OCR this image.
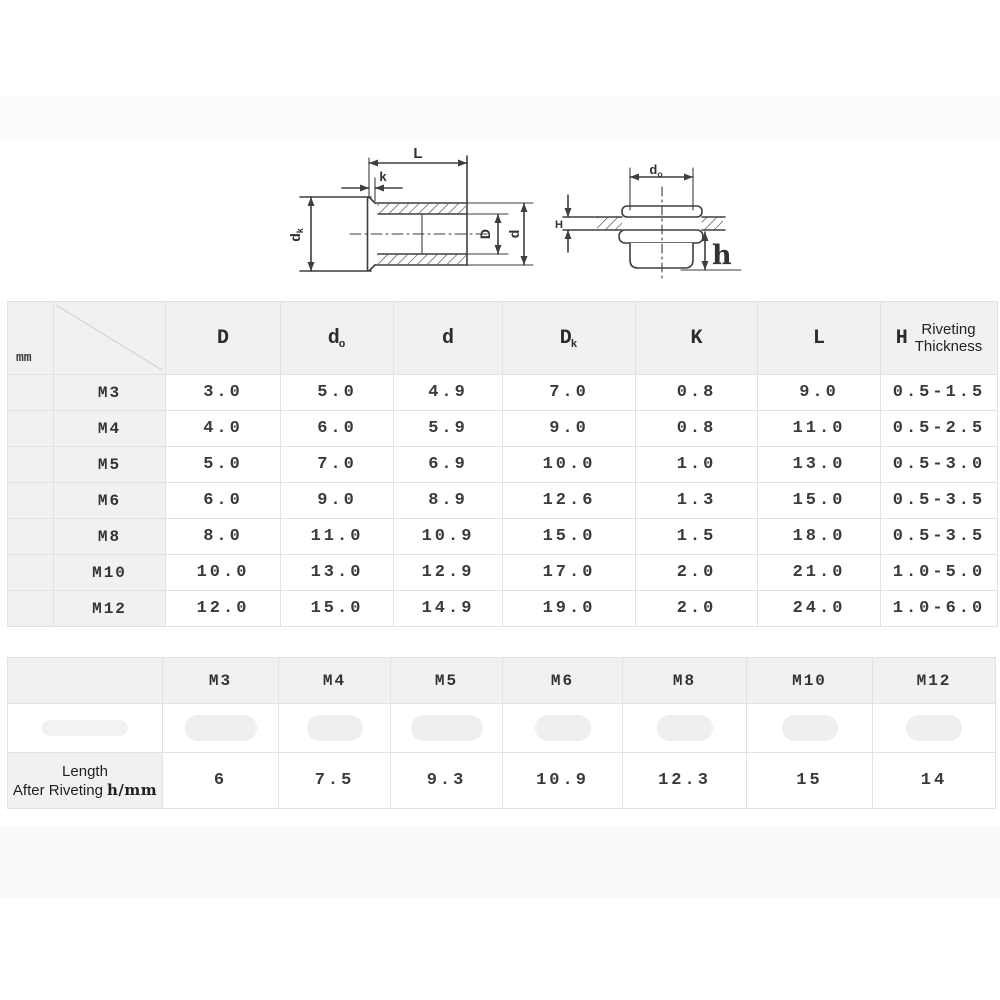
L
k
$d_k$	D d
$d_o$
H
h
mm		D	$d_o$	d	$D_k$	K	L	H Riveting
Thickness

	M3	3.0	5.0	4.9	7.0	0.8	9.0	0.5-1.5
	M4	4.0	6.0	5.9	9.0	0.8	11.0	0.5-2.5
	M5	5.0	7.0	6.9	10.0	1.0	13.0	0.5-3.0
	M6	6.0	9.0	8.9	12.6	1.3	15.0	0.5-3.5
	M8	8.0	11.0	10.9	15.0	1.5	18.0	0.5-3.5
	M10	10.0	13.0	12.9	17.0	2.0	21.0	1.0-5.0
	M12	12.0	15.0	14.9	19.0	2.0	24.0	1.0-6.0
	M3	M4	M5	M6	M8	M10	M12

Length
After Riveting h/mm	6	7.5	9.3	10.9	12.3	15	14
